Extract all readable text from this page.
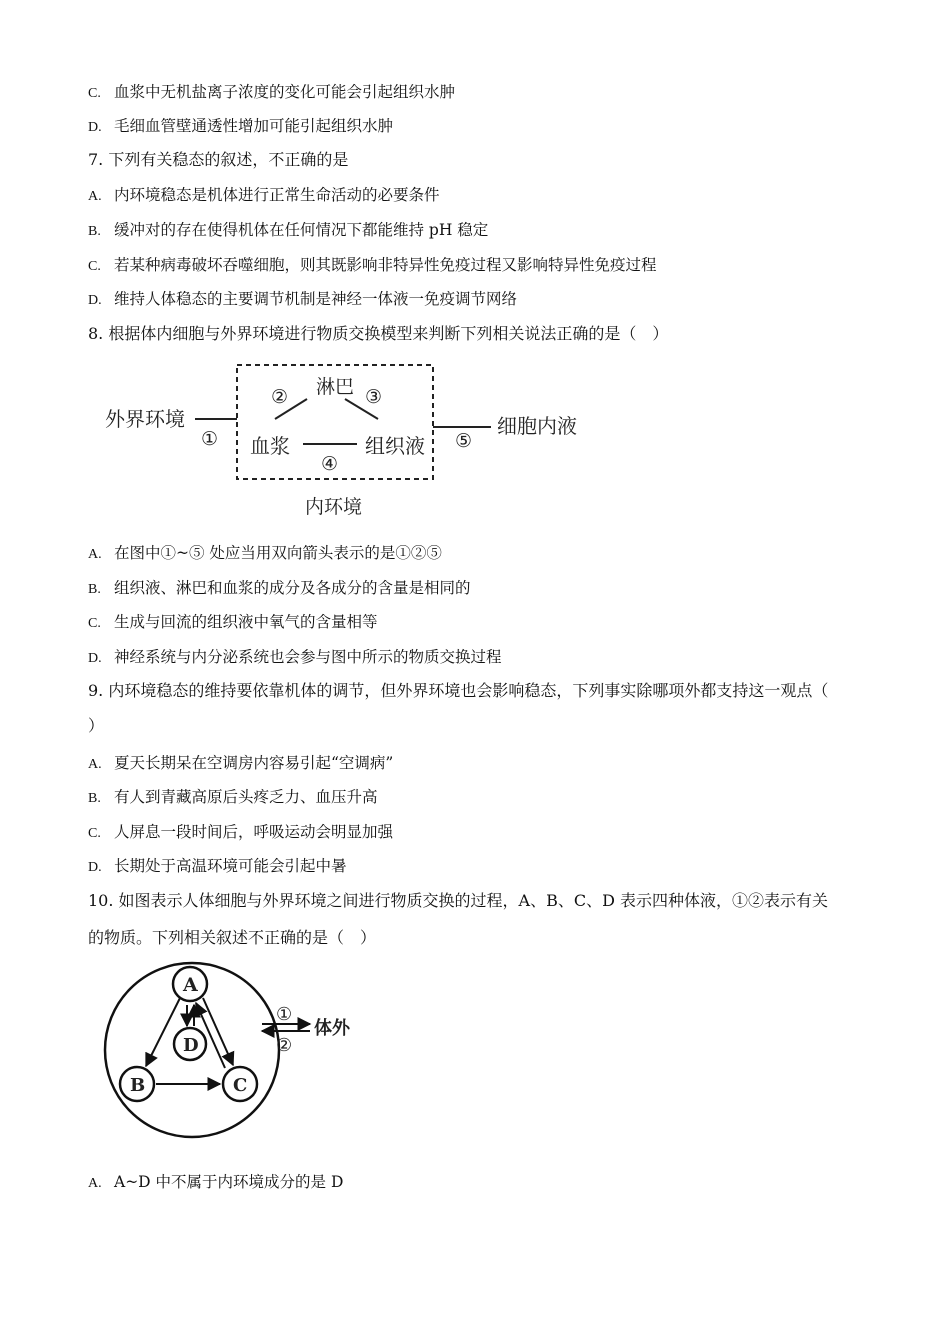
C. 血浆中无机盐离子浓度的变化可能会引起组织水肿
D. 毛细血管壁通透性增加可能引起组织水肿
7. 下列有关稳态的叙述，不正确的是
A. 内环境稳态是机体进行正常生命活动的必要条件
B. 缓冲对的存在使得机体在任何情况下都能维持 pH 稳定
C. 若某种病毒破坏吞噬细胞，则其既影响非特异性免疫过程又影响特异性免疫过程
D. 维持人体稳态的主要调节机制是神经一体液一免疫调节网络
8. 根据体内细胞与外界环境进行物质交换模型来判断下列相关说法正确的是（　）
外界环境
①
淋巴
②	③
血浆	组织液
④
⑤
细胞内液
内环境
A. 在图中①~⑤ 处应当用双向箭头表示的是①②⑤
B. 组织液、淋巴和血浆的成分及各成分的含量是相同的
C. 生成与回流的组织液中氧气的含量相等
D. 神经系统与内分泌系统也会参与图中所示的物质交换过程
9. 内环境稳态的维持要依靠机体的调节，但外界环境也会影响稳态，下列事实除哪项外都支持这一观点（
）
A. 夏天长期呆在空调房内容易引起“空调病”
B. 有人到青藏高原后头疼乏力、血压升高
C. 人屏息一段时间后，呼吸运动会明显加强
D. 长期处于高温环境可能会引起中暑
10. 如图表示人体细胞与外界环境之间进行物质交换的过程，A、B、C、D 表示四种体液，①②表示有关
的物质。下列相关叙述不正确的是（　）
A
D
B	C
①
②
体外
A. A~D 中不属于内环境成分的是 D
